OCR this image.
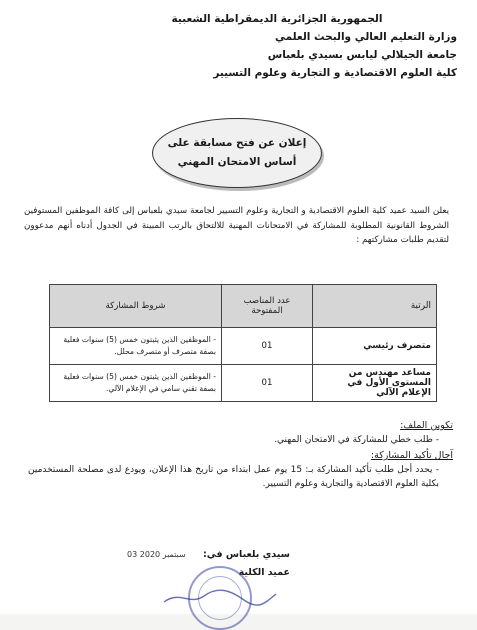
الجمهورية الجزائرية الديمقراطية الشعبية
وزارة التعليم العالي والبحث العلمي
جامعة الجيلالي ليابس بسيدي بلعباس
كلية العلوم الاقتصادية و التجارية وعلوم التسيير
إعلان عن فتح مسابقة على
أساس الامتحان المهني
يعلن السيد عميد كلية العلوم الاقتصادية و التجارية وعلوم التسيير لجامعة سيدي بلعباس إلى كافة الموظفين المستوفين الشروط القانونية المطلوبة للمشاركة في الامتحانات المهنية للالتحاق بالرتب المبينة في الجدول أدناه أنهم مدعوون لتقديم طلبات مشاركتهم :
الرتبة	عدد المناصب المفتوحة	شروط المشاركة
متصرف رئيسي	01	- الموظفين الذين يثبتون خمس (5) سنوات فعلية بصفة متصرف أو متصرف محلل.
مساعد مهندس من المستوى الأول في الإعلام الآلي	01	- الموظفين الذين يثبتون خمس (5) سنوات فعلية بصفة تقني سامي في الإعلام الآلي.
تكوين الملف:
- طلب خطي للمشاركة في الامتحان المهني.
آجال تأكيد المشاركة:
- يحدد أجل طلب تأكيد المشاركة بـ: 15 يوم عمل ابتداء من تاريخ هذا الإعلان، ويودع لدى مصلحة المستخدمين بكلية العلوم الاقتصادية والتجارية وعلوم التسيير.
سيدي بلعباس في: 03 سبتمبر 2020
عميد الكلية
